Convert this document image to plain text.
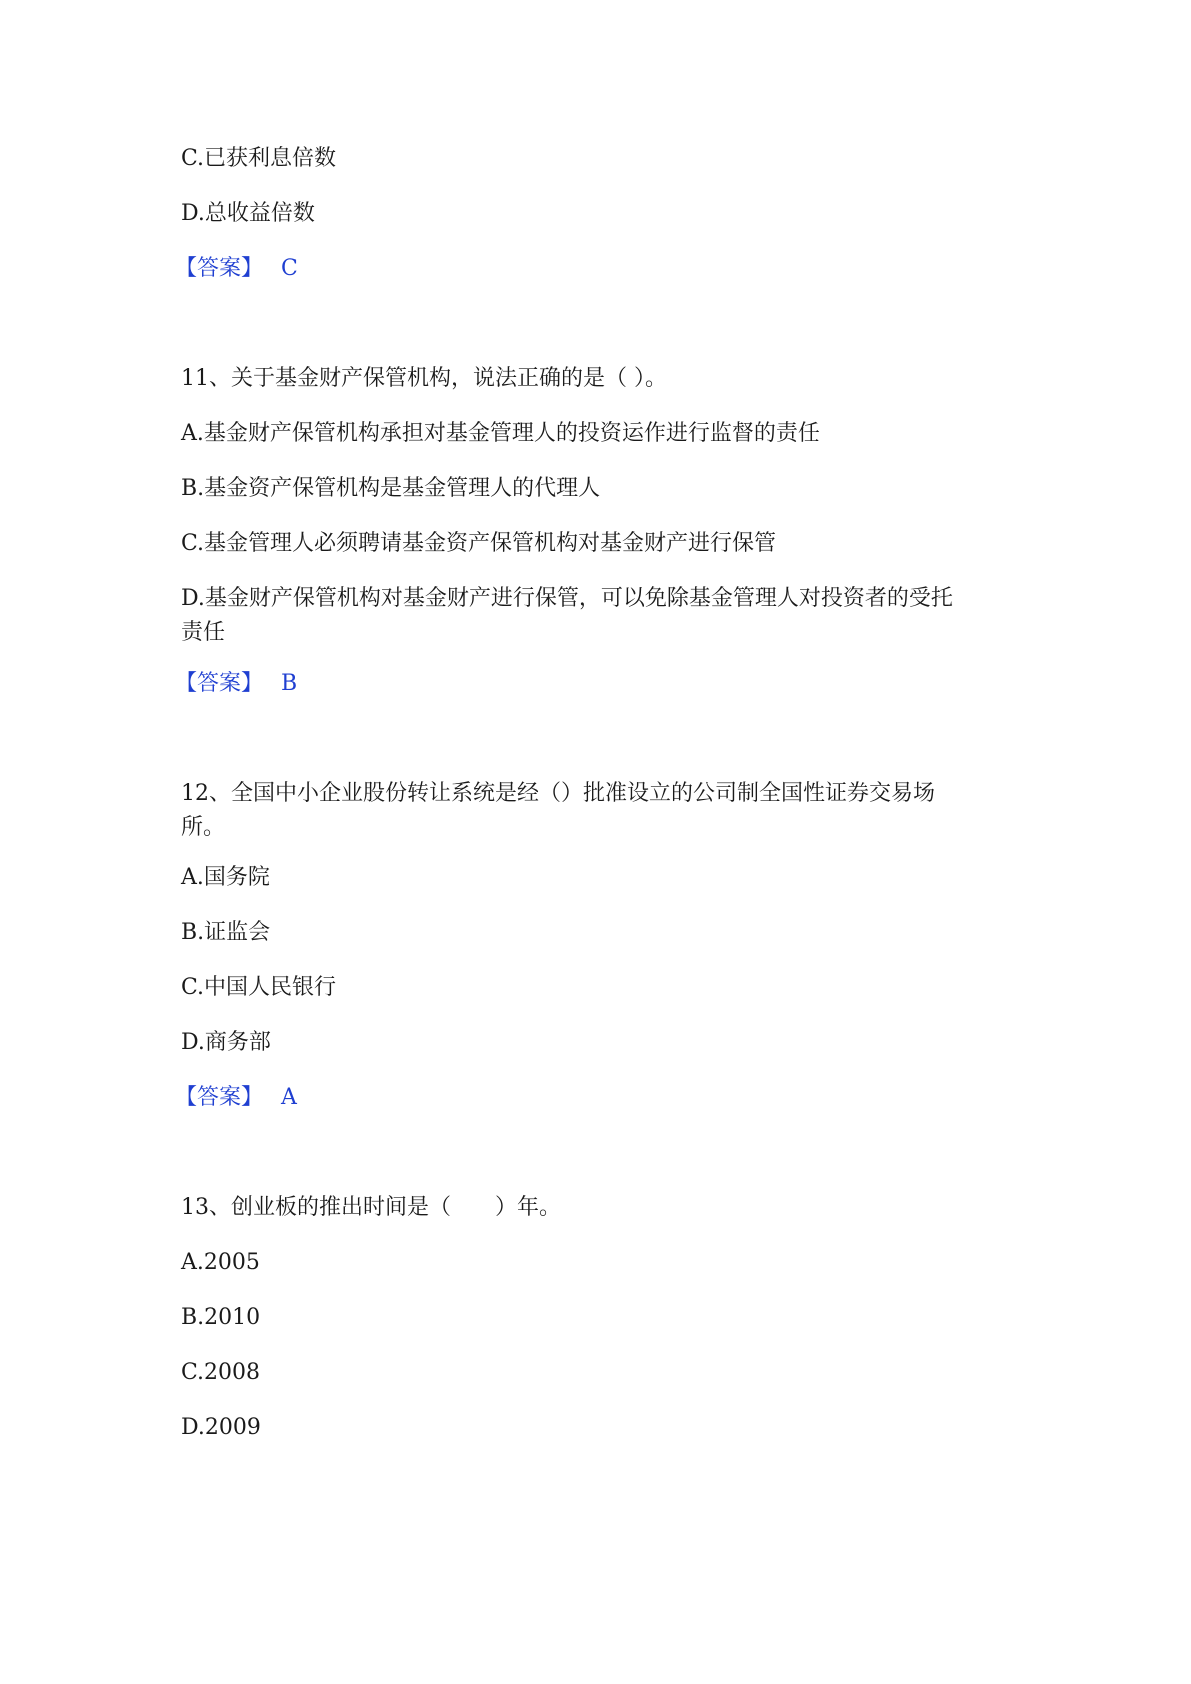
C.已获利息倍数
D.总收益倍数
【答案】 C
11、关于基金财产保管机构，说法正确的是（ ）。
A.基金财产保管机构承担对基金管理人的投资运作进行监督的责任
B.基金资产保管机构是基金管理人的代理人
C.基金管理人必须聘请基金资产保管机构对基金财产进行保管
D.基金财产保管机构对基金财产进行保管，可以免除基金管理人对投资者的受托责任
【答案】 B
12、全国中小企业股份转让系统是经（）批准设立的公司制全国性证券交易场所。
A.国务院
B.证监会
C.中国人民银行
D.商务部
【答案】 A
13、创业板的推出时间是（　　）年。
A.2005
B.2010
C.2008
D.2009
